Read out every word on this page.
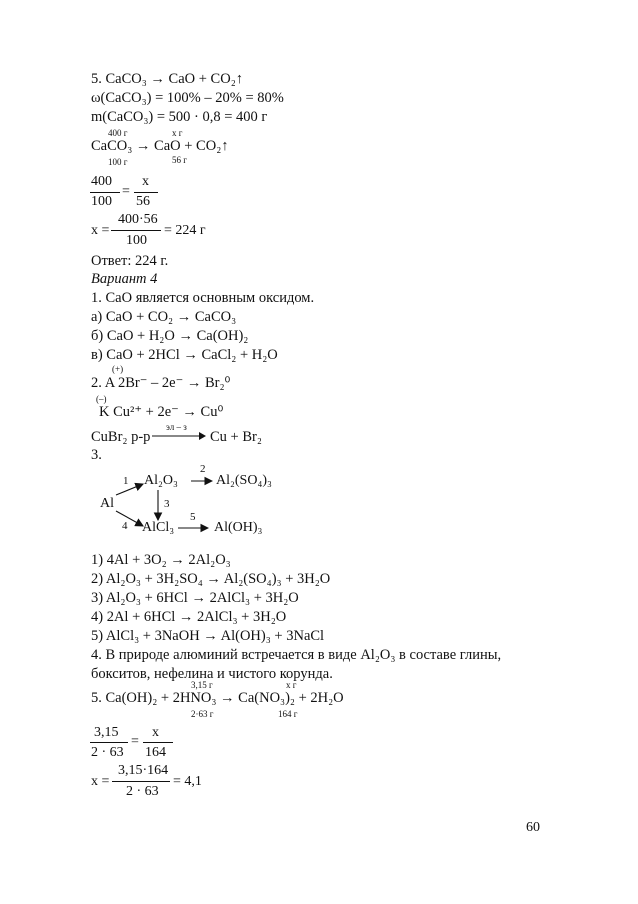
5. CaCO₃ → CaO + CO₂↑
ω(CaCO₃) = 100% – 20% = 80%
m(CaCO₃) = 500 · 0,8 = 400 г
400 г	х г
CaCO₃ → CaO + CO₂↑
100 г	56 г
400
100
=
х
56
х =
400·56
100
= 224 г
Ответ: 224 г.
Вариант 4
1. CaO является основным оксидом.
а) CaO + CO₂ → CaCO₃
б) CaO + H₂O → Ca(OH)₂
в) CaO + 2HCl → CaCl₂ + H₂O
(+)
2. A 2Br⁻ – 2e⁻ → Br₂⁰
(–)
K Cu²⁺ + 2e⁻ → Cu⁰
эл – з
CuBr₂ р-р	Cu + Br₂
3.
Al
Al₂O₃	Al₂(SO₄)₃
AlCl₃	Al(OH)₃
1
2
3
4
5
1) 4Al + 3O₂ → 2Al₂O₃
2) Al₂O₃ + 3H₂SO₄ → Al₂(SO₄)₃ + 3H₂O
3) Al₂O₃ + 6HCl → 2AlCl₃ + 3H₂O
4) 2Al + 6HCl → 2AlCl₃ + 3H₂O
5) AlCl₃ + 3NaOH → Al(OH)₃ + 3NaCl
4. В природе алюминий встречается в виде Al₂O₃ в составе глины,
бокситов, нефелина и чистого корунда.
3,15 г	х г
5. Ca(OH)₂ + 2HNO₃ → Ca(NO₃)₂ + 2H₂O
2·63 г	164 г
3,15
2 · 63
=
х
164
х =
3,15·164
2 · 63
= 4,1
60
